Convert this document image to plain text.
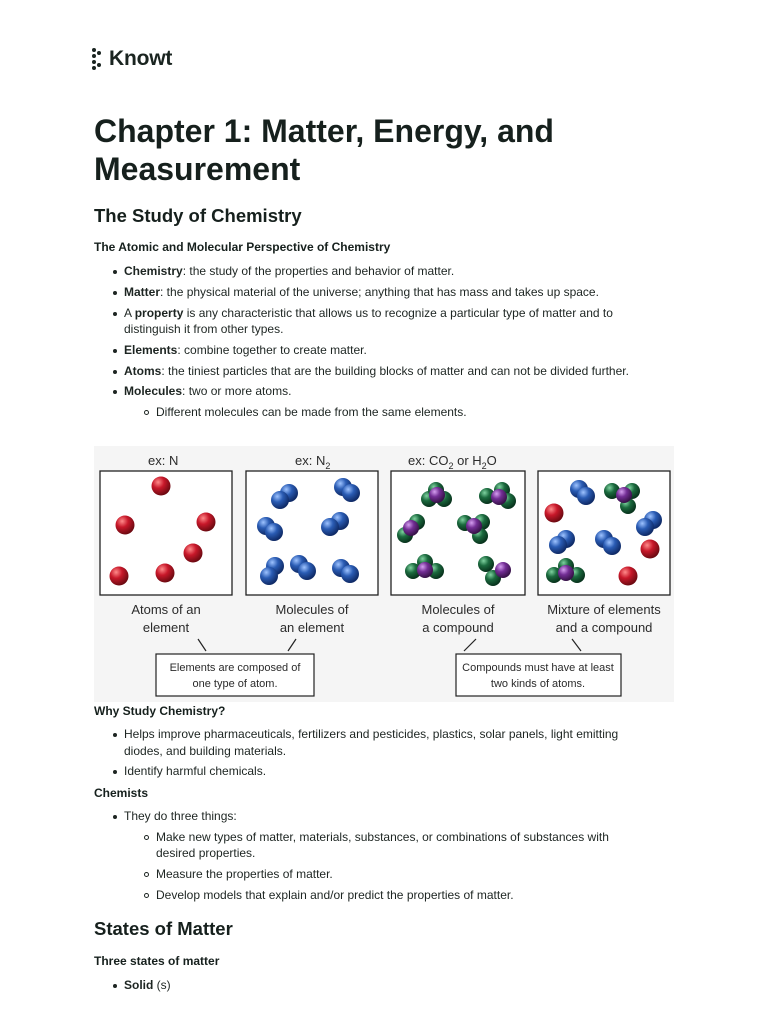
Knowt
Chapter 1: Matter, Energy, and Measurement
The Study of Chemistry
The Atomic and Molecular Perspective of Chemistry
Chemistry: the study of the properties and behavior of matter.
Matter: the physical material of the universe; anything that has mass and takes up space.
A property is any characteristic that allows us to recognize a particular type of matter and to distinguish it from other types.
Elements: combine together to create matter.
Atoms: the tiniest particles that are the building blocks of matter and can not be divided further.
Molecules: two or more atoms.
Different molecules can be made from the same elements.
ex: N	ex: $N_2$	ex: $CO_2$ or $H_2O$
Atoms of an
element
Molecules of
an element
Molecules of
a compound
Mixture of elements
and a compound
Elements are composed of
one type of atom.
Compounds must have at least
two kinds of atoms.
Why Study Chemistry?
Helps improve pharmaceuticals, fertilizers and pesticides, plastics, solar panels, light emitting diodes, and building materials.
Identify harmful chemicals.
Chemists
They do three things:
Make new types of matter, materials, substances, or combinations of substances with desired properties.
Measure the properties of matter.
Develop models that explain and/or predict the properties of matter.
States of Matter
Three states of matter
Solid (s)
